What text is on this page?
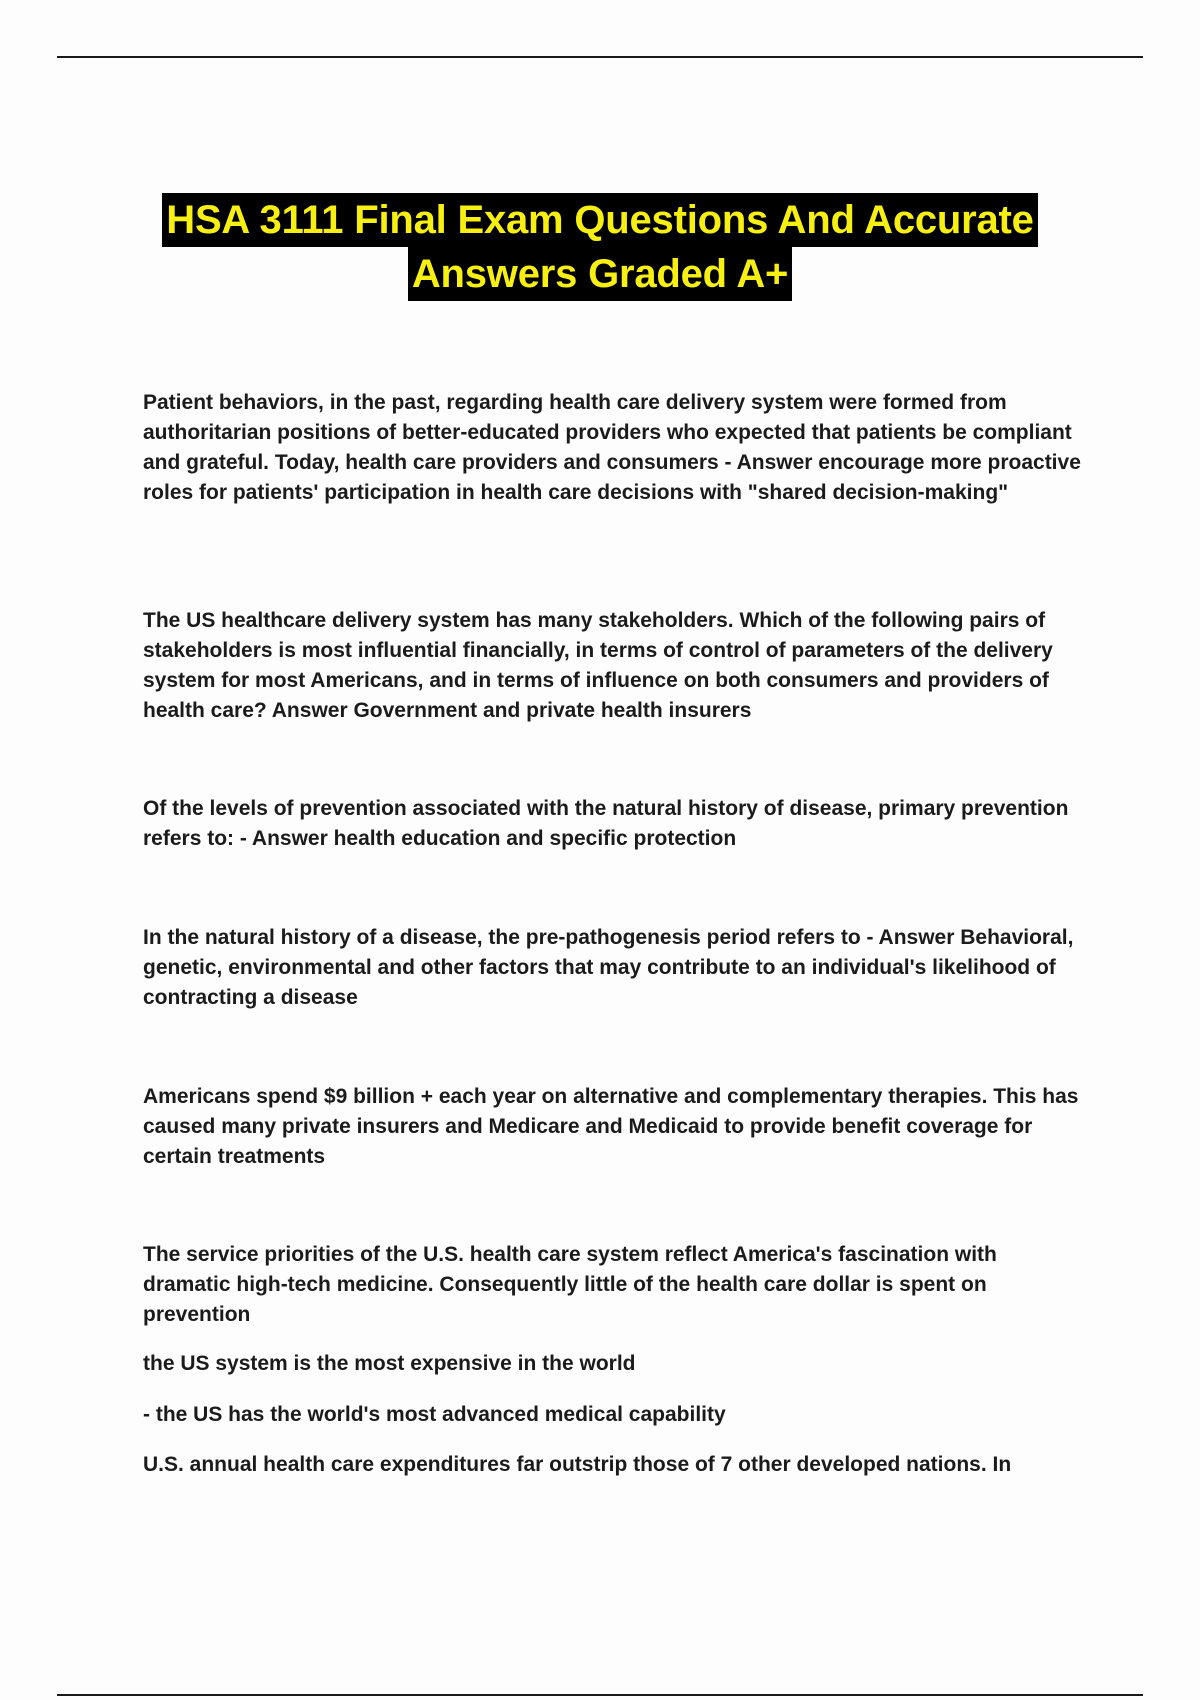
HSA 3111 Final Exam Questions And Accurate
Answers Graded A+

Patient behaviors, in the past, regarding health care delivery system were formed from authoritarian positions of better-educated providers who expected that patients be compliant and grateful. Today, health care providers and consumers - Answer encourage more proactive roles for patients' participation in health care decisions with "shared decision-making"

The US healthcare delivery system has many stakeholders. Which of the following pairs of stakeholders is most influential financially, in terms of control of parameters of the delivery system for most Americans, and in terms of influence on both consumers and providers of health care? Answer Government and private health insurers

Of the levels of prevention associated with the natural history of disease, primary prevention refers to: - Answer health education and specific protection

In the natural history of a disease, the pre-pathogenesis period refers to - Answer Behavioral, genetic, environmental and other factors that may contribute to an individual's likelihood of contracting a disease

Americans spend $9 billion + each year on alternative and complementary therapies. This has caused many private insurers and Medicare and Medicaid to provide benefit coverage for certain treatments

The service priorities of the U.S. health care system reflect America's fascination with dramatic high-tech medicine. Consequently little of the health care dollar is spent on prevention

the US system is the most expensive in the world

- the US has the world's most advanced medical capability

U.S. annual health care expenditures far outstrip those of 7 other developed nations. In
